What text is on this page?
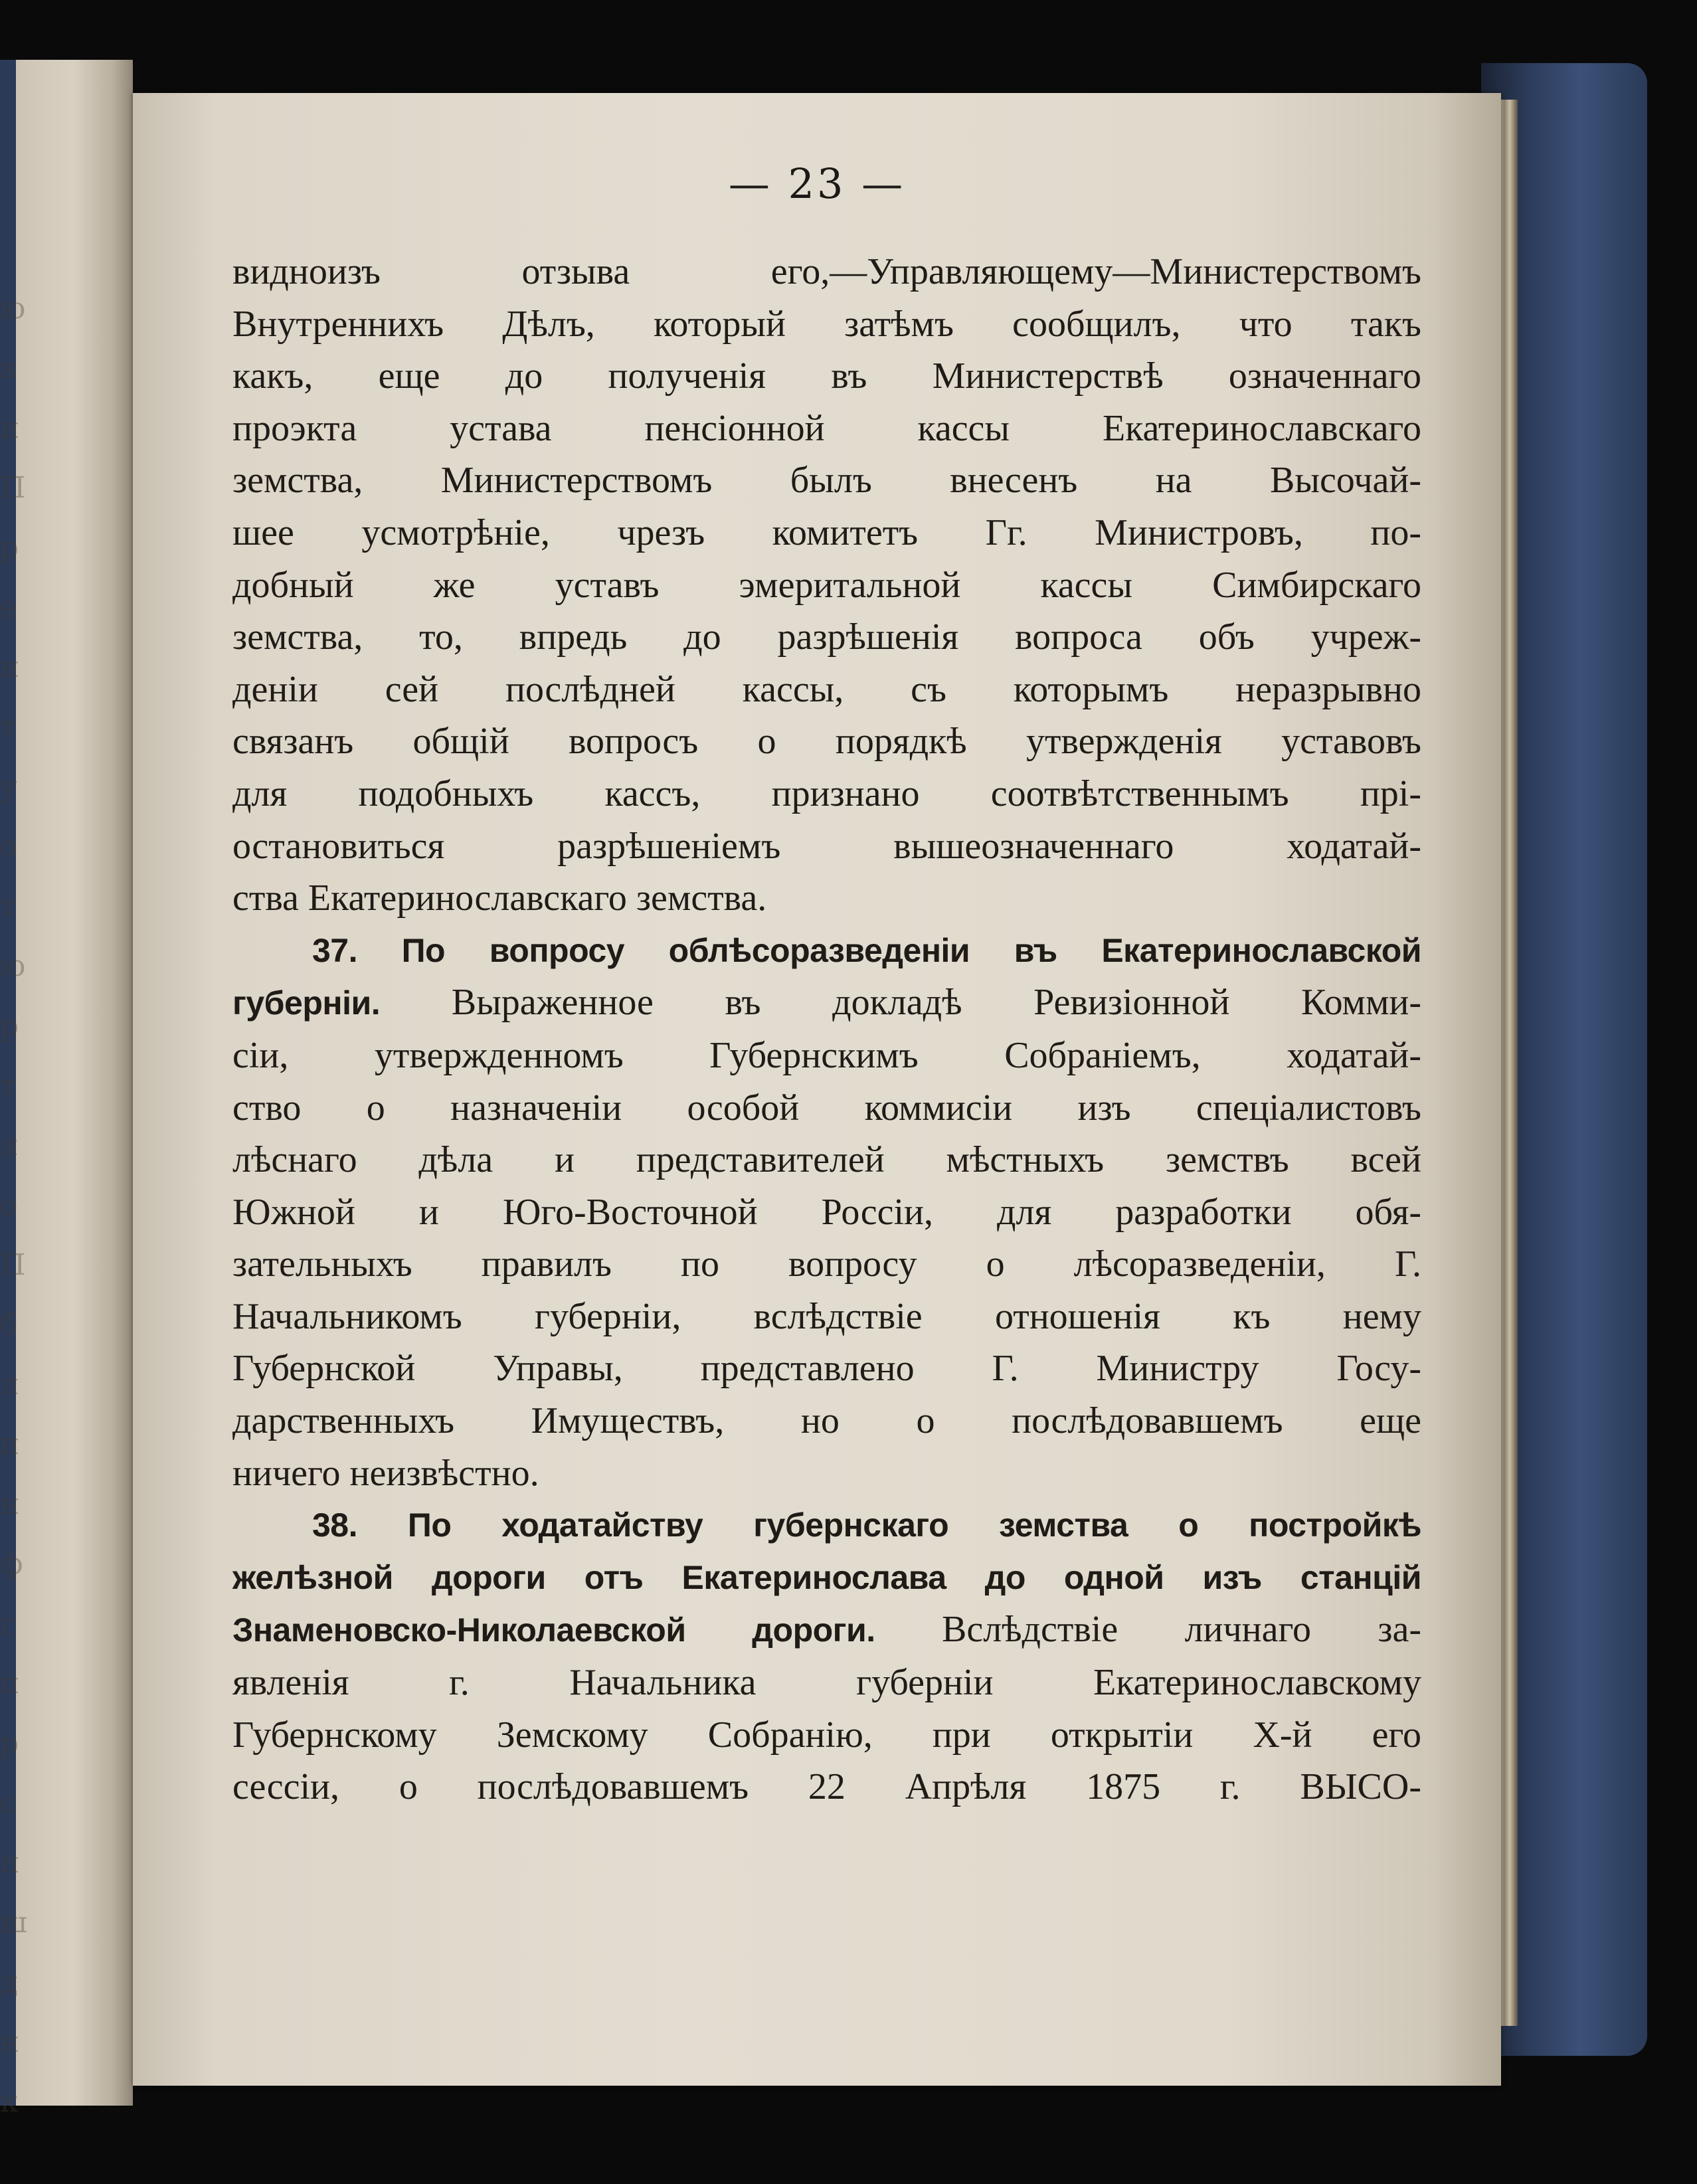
ю
в
н
П
р
е
н
т
у
о
т
ю
р
т
я
о
П
б
л
п
н
ф
г
п
р
с
п
ш
д
н
к
— 23 —
видноизъ отзыва его,—Управляющему—Министерствомъ
Внутреннихъ Дѣлъ, который затѣмъ сообщилъ, что такъ
какъ, еще до полученія въ Министерствѣ означеннаго
проэкта устава пенсіонной кассы Екатеринославскаго
земства, Министерствомъ былъ внесенъ на Высочай-
шее усмотрѣніе, чрезъ комитетъ Гг. Министровъ, по-
добный же уставъ эмеритальной кассы Симбирскаго
земства, то, впредь до разрѣшенія вопроса объ учреж-
деніи сей послѣдней кассы, съ которымъ неразрывно
связанъ общій вопросъ о порядкѣ утвержденія уставовъ
для подобныхъ кассъ, признано соотвѣтственнымъ прі-
остановиться разрѣшеніемъ вышеозначеннаго ходатай-
ства Екатеринославскаго земства.
37. По вопросу облѣсоразведеніи въ Екатеринославской
губерніи. Выраженное въ докладѣ Ревизіонной Комми-
сіи, утвержденномъ Губернскимъ Собраніемъ, ходатай-
ство о назначеніи особой коммисіи изъ спеціалистовъ
лѣснаго дѣла и представителей мѣстныхъ земствъ всей
Южной и Юго-Восточной Россіи, для разработки обя-
зательныхъ правилъ по вопросу о лѣсоразведеніи, Г.
Начальникомъ губерніи, вслѣдствіе отношенія къ нему
Губернской Управы, представлено Г. Министру Госу-
дарственныхъ Имуществъ, но о послѣдовавшемъ еще
ничего неизвѣстно.
38. По ходатайству губернскаго земства о постройкѣ
желѣзной дороги отъ Екатеринослава до одной изъ станцій
Знаменовско-Николаевской дороги. Вслѣдствіе личнаго за-
явленія г. Начальника губерніи Екатеринославскому
Губернскому Земскому Собранію, при открытіи Х-й его
сессіи, о послѣдовавшемъ 22 Апрѣля 1875 г. ВЫСО-
